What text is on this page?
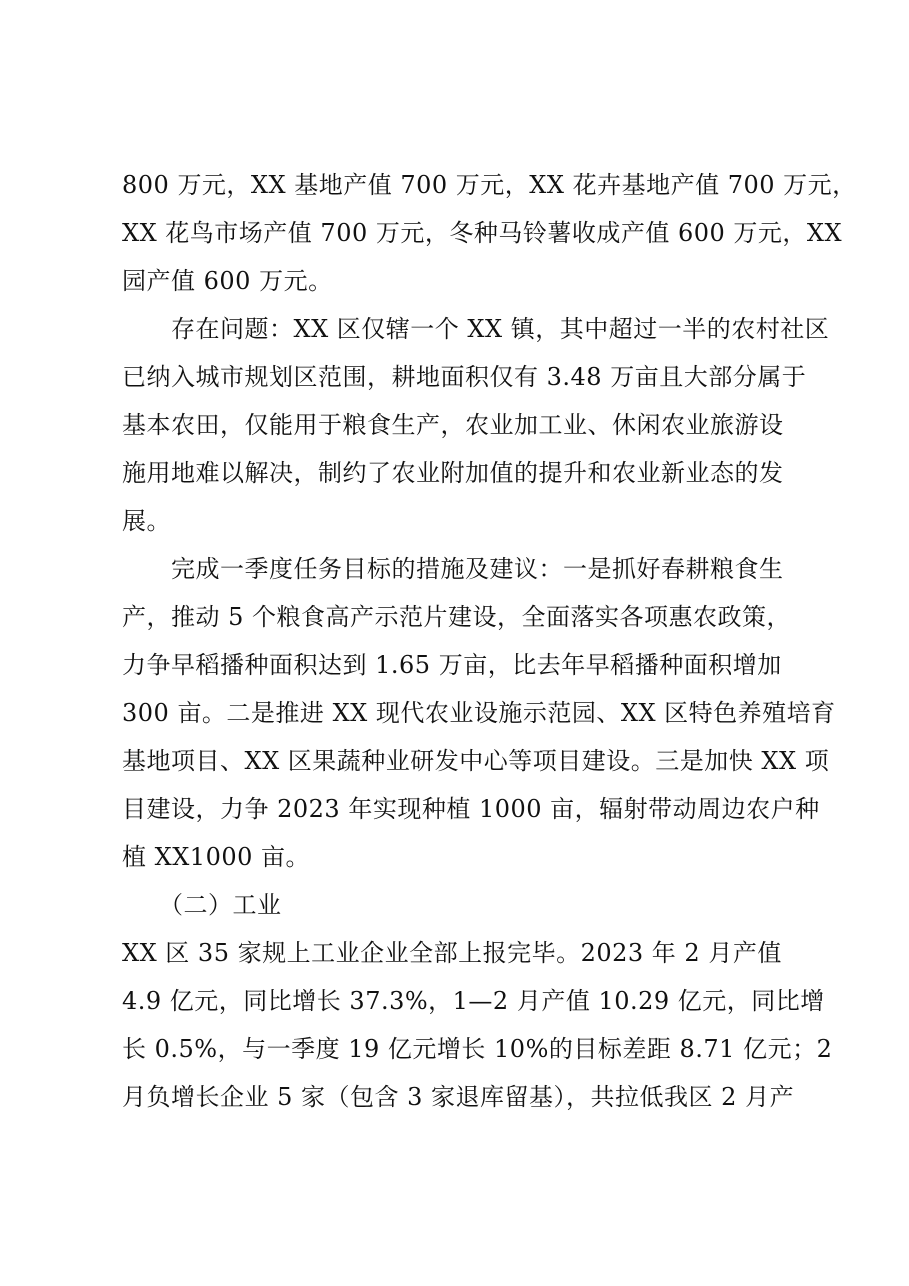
800 万元，XX 基地产值 700 万元，XX 花卉基地产值 700 万元，
XX 花鸟市场产值 700 万元，冬种马铃薯收成产值 600 万元，XX
园产值 600 万元。
　　存在问题：XX 区仅辖一个 XX 镇，其中超过一半的农村社区
已纳入城市规划区范围，耕地面积仅有 3.48 万亩且大部分属于
基本农田，仅能用于粮食生产，农业加工业、休闲农业旅游设
施用地难以解决，制约了农业附加值的提升和农业新业态的发
展。
　　完成一季度任务目标的措施及建议：一是抓好春耕粮食生
产，推动 5 个粮食高产示范片建设，全面落实各项惠农政策，
力争早稻播种面积达到 1.65 万亩，比去年早稻播种面积增加
300 亩。二是推进 XX 现代农业设施示范园、XX 区特色养殖培育
基地项目、XX 区果蔬种业研发中心等项目建设。三是加快 XX 项
目建设，力争 2023 年实现种植 1000 亩，辐射带动周边农户种
植 XX1000 亩。
　　（二）工业
XX 区 35 家规上工业企业全部上报完毕。2023 年 2 月产值
4.9 亿元，同比增长 37.3%，1—2 月产值 10.29 亿元，同比增
长 0.5%，与一季度 19 亿元增长 10%的目标差距 8.71 亿元；2
月负增长企业 5 家（包含 3 家退库留基），共拉低我区 2 月产
